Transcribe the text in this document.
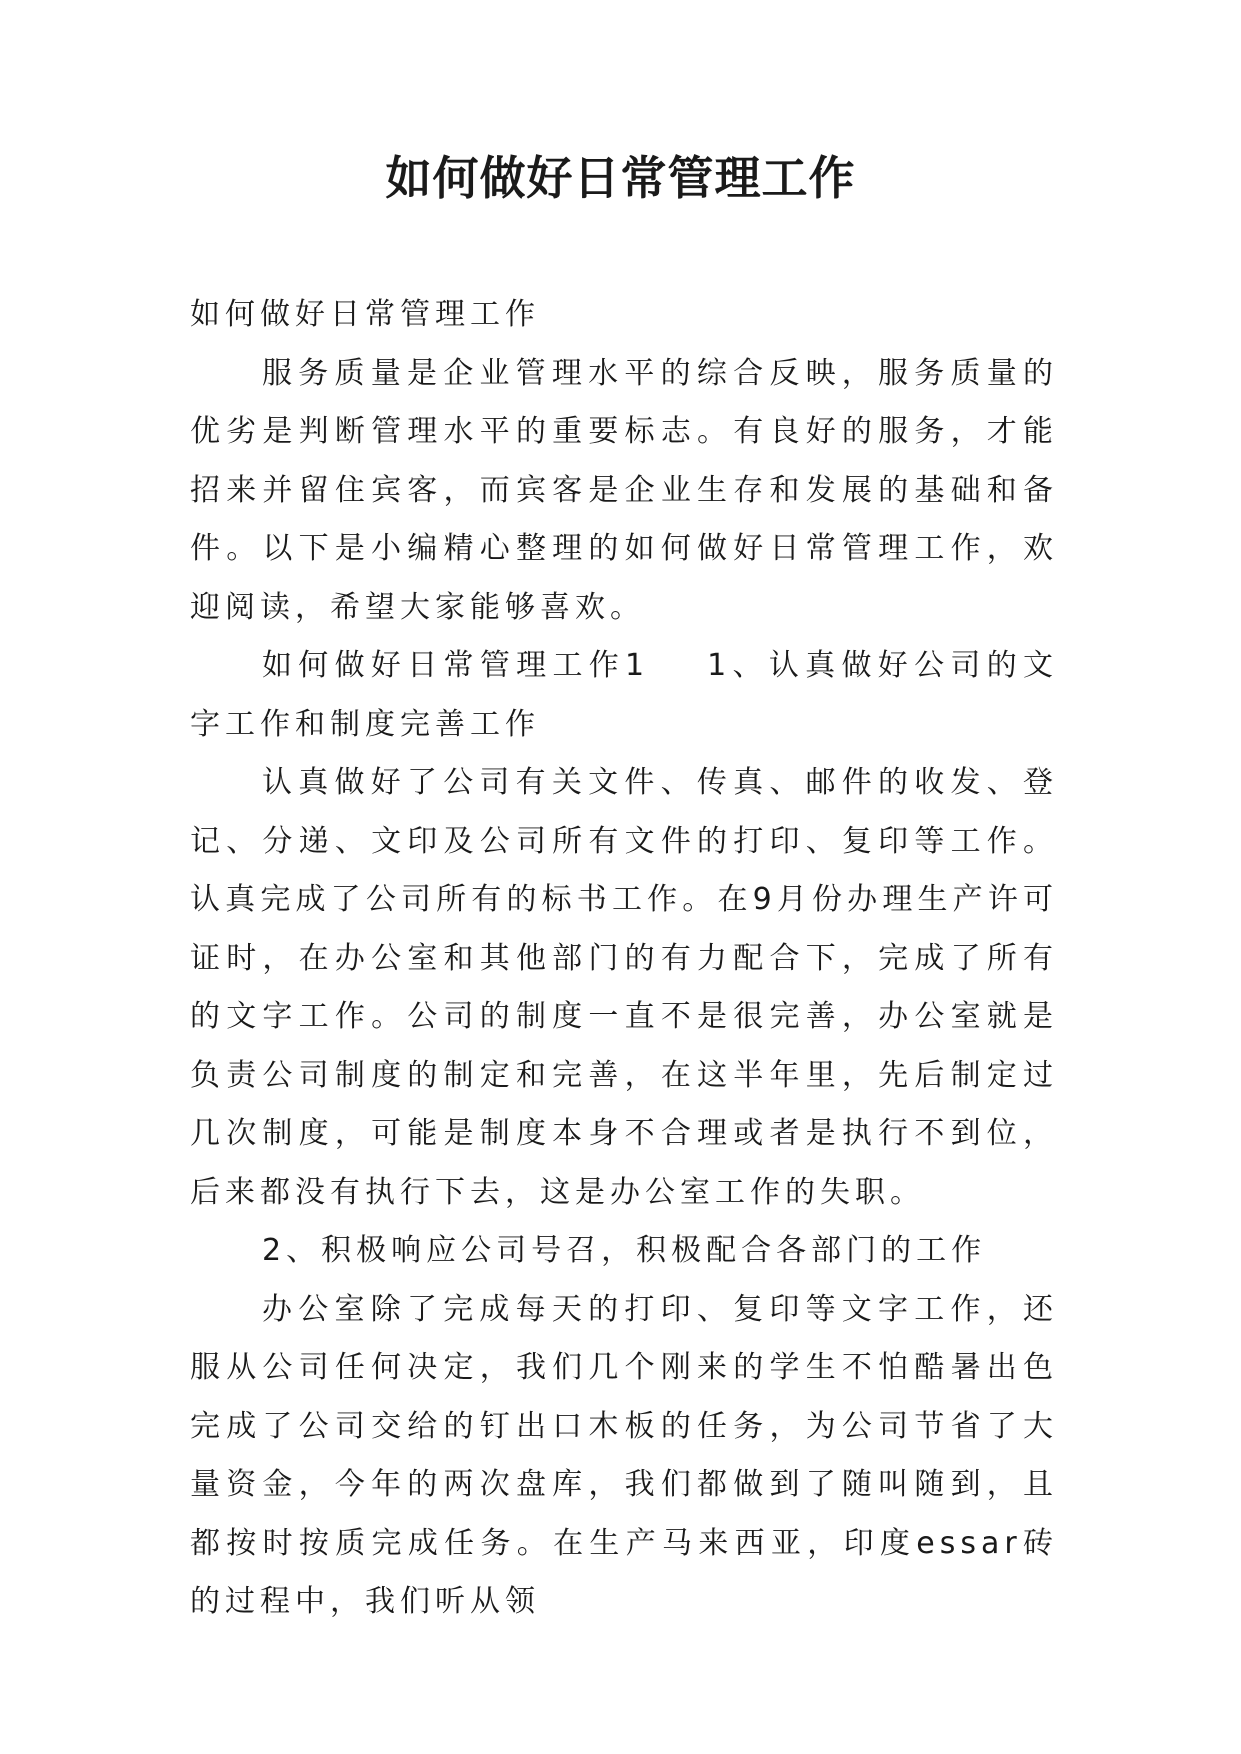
如何做好日常管理工作

如何做好日常管理工作

服务质量是企业管理水平的综合反映，服务质量的优劣是判断管理水平的重要标志。有良好的服务，才能招来并留住宾客，而宾客是企业生存和发展的基础和备件。以下是小编精心整理的如何做好日常管理工作，欢迎阅读，希望大家能够喜欢。

如何做好日常管理工作1 1、认真做好公司的文字工作和制度完善工作

认真做好了公司有关文件、传真、邮件的收发、登记、分递、文印及公司所有文件的打印、复印等工作。认真完成了公司所有的标书工作。在9月份办理生产许可证时，在办公室和其他部门的有力配合下，完成了所有的文字工作。公司的制度一直不是很完善，办公室就是负责公司制度的制定和完善，在这半年里，先后制定过几次制度，可能是制度本身不合理或者是执行不到位，后来都没有执行下去，这是办公室工作的失职。

2、积极响应公司号召，积极配合各部门的工作

办公室除了完成每天的打印、复印等文字工作，还服从公司任何决定，我们几个刚来的学生不怕酷暑出色完成了公司交给的钉出口木板的任务，为公司节省了大量资金，今年的两次盘库，我们都做到了随叫随到，且都按时按质完成任务。在生产马来西亚，印度essar砖的过程中，我们听从领
